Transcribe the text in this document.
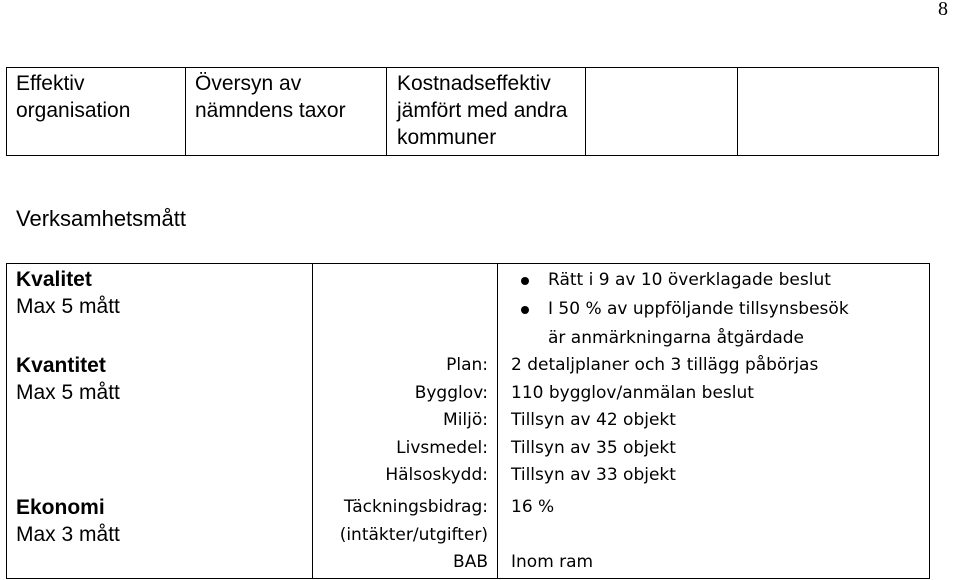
8
Effektiv
organisation
Översyn av
nämndens taxor
Kostnadseffektiv
jämfört med andra
kommuner
Verksamhetsmått
Kvalitet
Max 5 mått
Kvantitet
Max 5 mått
Ekonomi
Max 3 mått
Rätt i 9 av 10 överklagade beslut
I 50 % av uppföljande tillsynsbesök
är anmärkningarna åtgärdade
Plan:
Bygglov:
Miljö:
Livsmedel:
Hälsoskydd:
2 detaljplaner och 3 tillägg påbörjas
110 bygglov/anmälan beslut
Tillsyn av 42 objekt
Tillsyn av 35 objekt
Tillsyn av 33 objekt
Täckningsbidrag:
(intäkter/utgifter)
BAB
16 %
Inom ram
